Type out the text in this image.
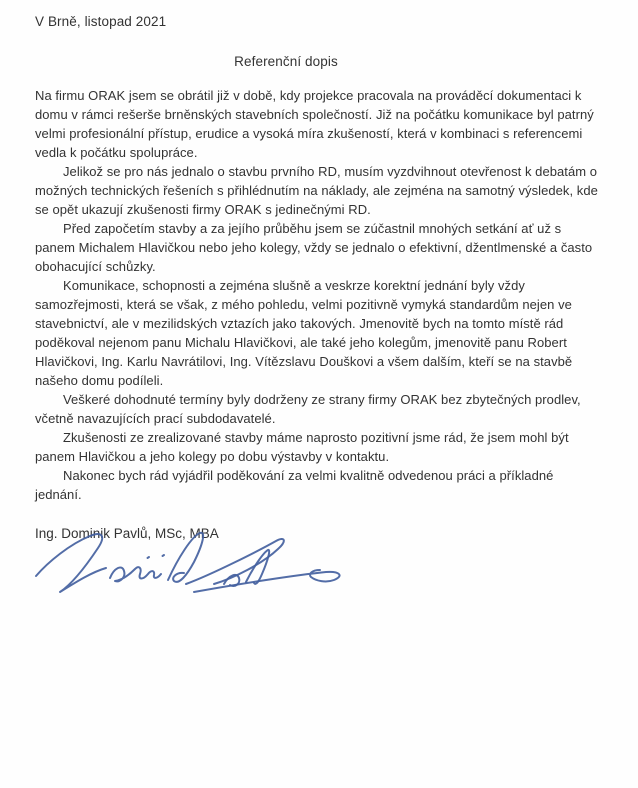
V Brně, listopad 2021
Referenční dopis

Na firmu ORAK jsem se obrátil již v době, kdy projekce pracovala na prováděcí dokumentaci k domu v rámci rešerše brněnských stavebních společností. Již na počátku komunikace byl patrný velmi profesionální přístup, erudice a vysoká míra zkušeností, která v kombinaci s referencemi vedla k počátku spolupráce.

Jelikož se pro nás jednalo o stavbu prvního RD, musím vyzdvihnout otevřenost k debatám o možných technických řešeních s přihlédnutím na náklady, ale zejména na samotný výsledek, kde se opět ukazují zkušenosti firmy ORAK s jedinečnými RD.

Před započetím stavby a za jejího průběhu jsem se zúčastnil mnohých setkání ať už s panem Michalem Hlavičkou nebo jeho kolegy, vždy se jednalo o efektivní, džentlmenské a často obohacující schůzky.

Komunikace, schopnosti a zejména slušně a veskrze korektní jednání byly vždy samozřejmosti, která se však, z mého pohledu, velmi pozitivně vymyká standardům nejen ve stavebnictví, ale v mezilidských vztazích jako takových. Jmenovitě bych na tomto místě rád poděkoval nejenom panu Michalu Hlavičkovi, ale také jeho kolegům, jmenovitě panu Robert Hlavičkovi, Ing. Karlu Navrátilovi, Ing. Vítězslavu Douškovi a všem dalším, kteří se na stavbě našeho domu podíleli.

Veškeré dohodnuté termíny byly dodrženy ze strany firmy ORAK bez zbytečných prodlev, včetně navazujících prací subdodavatelé.

Zkušenosti ze zrealizované stavby máme naprosto pozitivní jsme rád, že jsem mohl být panem Hlavičkou a jeho kolegy po dobu výstavby v kontaktu.

Nakonec bych rád vyjádřil poděkování za velmi kvalitně odvedenou práci a příkladné jednání.

Ing. Dominik Pavlů, MSc, MBA
